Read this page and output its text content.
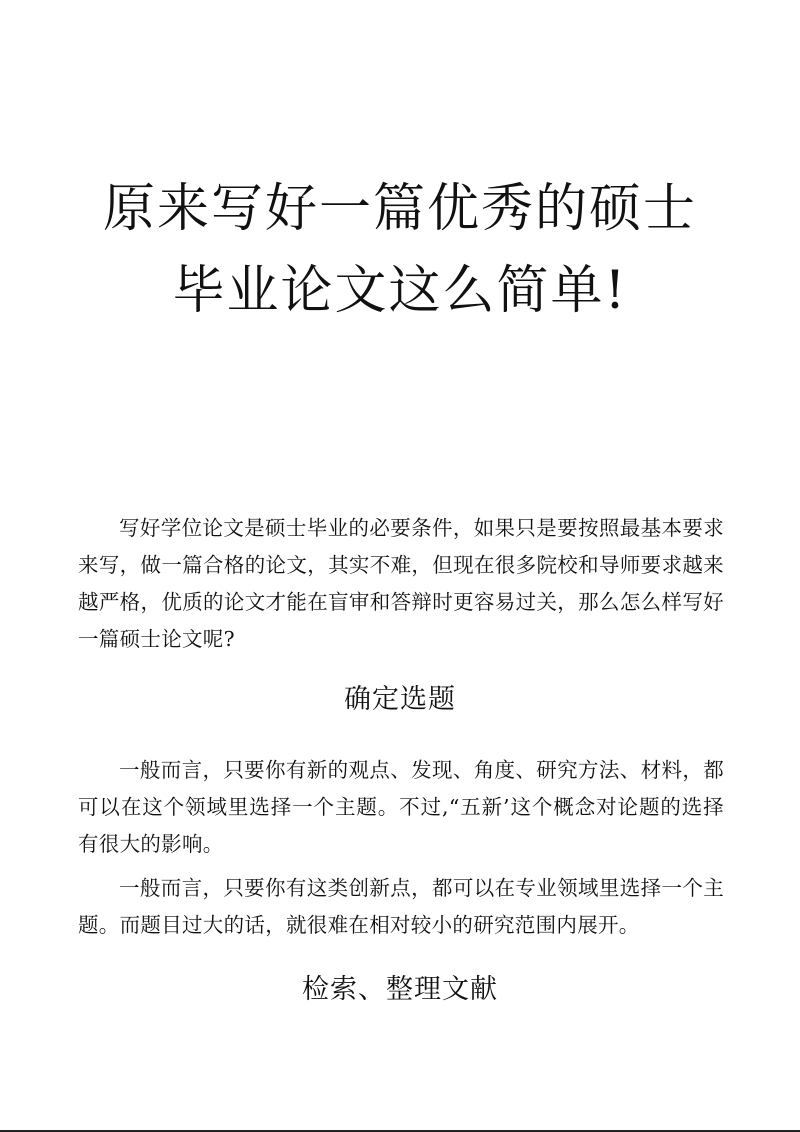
原来写好一篇优秀的硕士
毕业论文这么简单!

写好学位论文是硕士毕业的必要条件，如果只是要按照最基本要求来写，做一篇合格的论文，其实不难，但现在很多院校和导师要求越来越严格，优质的论文才能在盲审和答辩时更容易过关，那么怎么样写好一篇硕士论文呢?

确定选题

一般而言，只要你有新的观点、发现、角度、研究方法、材料，都可以在这个领域里选择一个主题。不过,“五新’这个概念对论题的选择有很大的影响。

一般而言，只要你有这类创新点，都可以在专业领域里选择一个主题。而题目过大的话，就很难在相对较小的研究范围内展开。

检索、整理文献
